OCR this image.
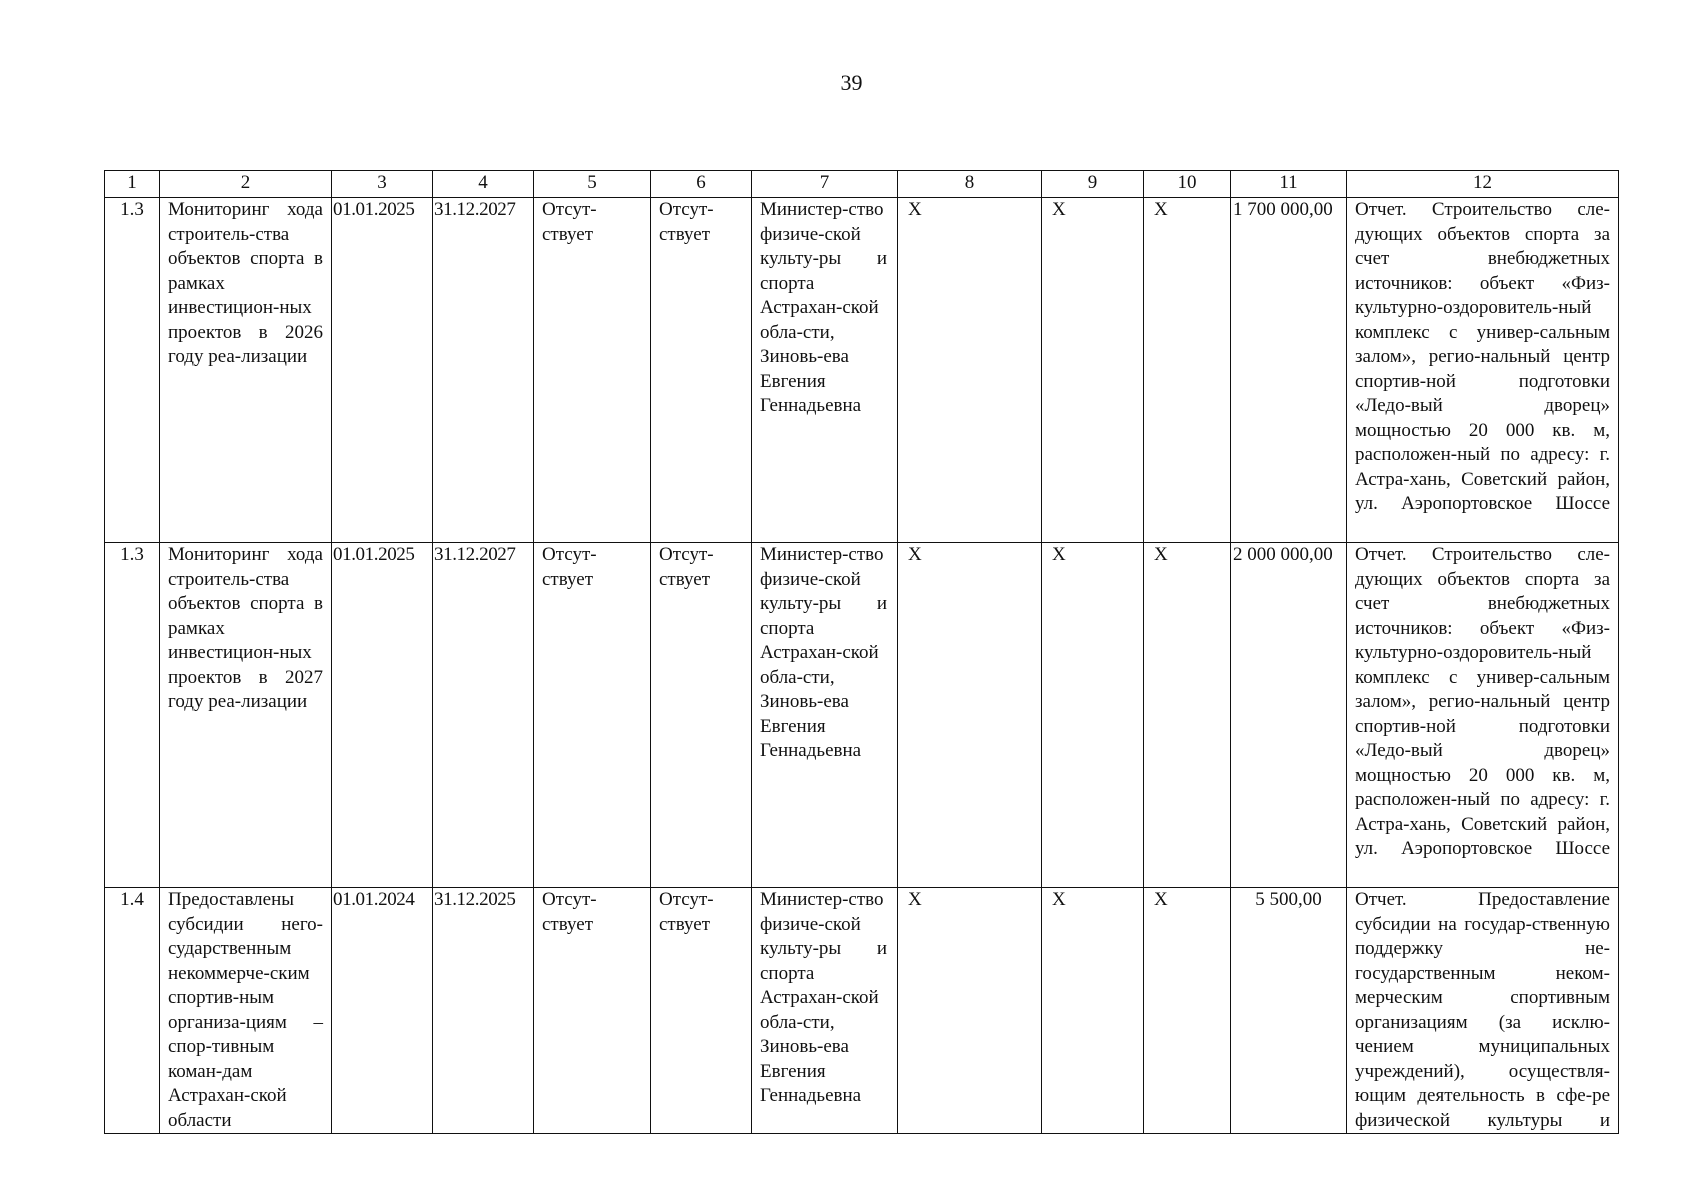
39
1	2	3	4	5	6	7	8	9	10	11	12
1.3	Мониторинг хода строитель-ства объектов спорта в рамках инвестицион-ных проектов в 2026 году реа-лизации	01.01.2025	31.12.2027	Отсут-ствует	Отсут-ствует	Министер-ство физиче-ской культу-ры и спорта Астрахан-ской обла-сти, Зиновь-ева Евгения Геннадьевна	X	X	X	1 700 000,00	Отчет. Строительство сле-дующих объектов спорта за счет внебюджетных источников: объект «Физ-культурно-оздоровитель-ный комплекс с универ-сальным залом», регио-нальный центр спортив-ной подготовки «Ледо-вый дворец» мощностью 20 000 кв. м, расположен-ный по адресу: г. Астра-хань, Советский район, ул. Аэропортовское Шоссе
1.3	Мониторинг хода строитель-ства объектов спорта в рамках инвестицион-ных проектов в 2027 году реа-лизации	01.01.2025	31.12.2027	Отсут-ствует	Отсут-ствует	Министер-ство физиче-ской культу-ры и спорта Астрахан-ской обла-сти, Зиновь-ева Евгения Геннадьевна	X	X	X	2 000 000,00	Отчет. Строительство сле-дующих объектов спорта за счет внебюджетных источников: объект «Физ-культурно-оздоровитель-ный комплекс с универ-сальным залом», регио-нальный центр спортив-ной подготовки «Ледо-вый дворец» мощностью 20 000 кв. м, расположен-ный по адресу: г. Астра-хань, Советский район, ул. Аэропортовское Шоссе
1.4	Предоставлены субсидии него-сударственным некоммерче-ским спортив-ным организа-циям – спор-тивным коман-дам Астрахан-ской области	01.01.2024	31.12.2025	Отсут-ствует	Отсут-ствует	Министер-ство физиче-ской культу-ры и спорта Астрахан-ской обла-сти, Зиновь-ева Евгения Геннадьевна	X	X	X	5 500,00	Отчет. Предоставление субсидии на государ-ственную поддержку не-государственным неком-мерческим спортивным организациям (за исклю-чением муниципальных учреждений), осуществля-ющим деятельность в сфе-ре физической культуры и
